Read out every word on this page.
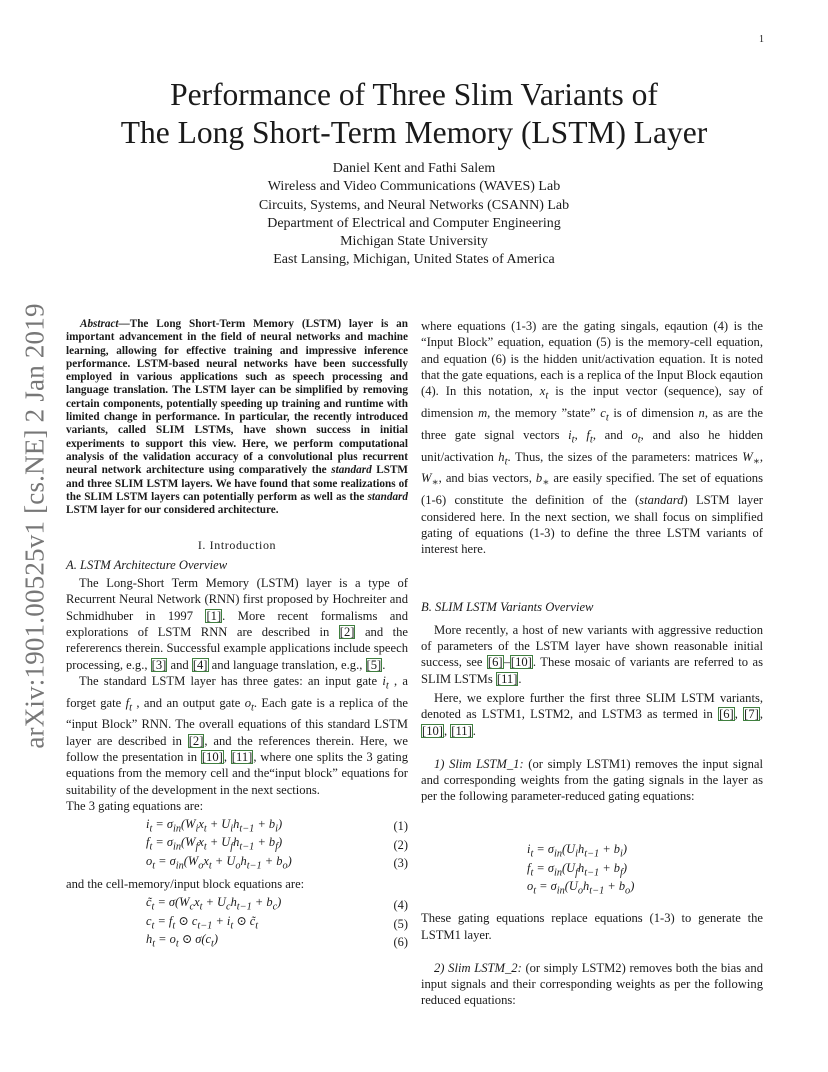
1
arXiv:1901.00525v1 [cs.NE] 2 Jan 2019
Performance of Three Slim Variants of
The Long Short-Term Memory (LSTM) Layer
Daniel Kent and Fathi Salem
Wireless and Video Communications (WAVES) Lab
Circuits, Systems, and Neural Networks (CSANN) Lab
Department of Electrical and Computer Engineering
Michigan State University
East Lansing, Michigan, United States of America

Abstract—The Long Short-Term Memory (LSTM) layer is an important advancement in the field of neural networks and machine learning, allowing for effective training and impressive inference performance. LSTM-based neural networks have been successfully employed in various applications such as speech processing and language translation. The LSTM layer can be simplified by removing certain components, potentially speeding up training and runtime with limited change in performance. In particular, the recently introduced variants, called SLIM LSTMs, have shown success in initial experiments to support this view. Here, we perform computational analysis of the validation accuracy of a convolutional plus recurrent neural network architecture using comparatively the standard LSTM and three SLIM LSTM layers. We have found that some realizations of the SLIM LSTM layers can potentially perform as well as the standard LSTM layer for our considered architecture.

I. Introduction

A. LSTM Architecture Overview

The Long-Short Term Memory (LSTM) layer is a type of Recurrent Neural Network (RNN) first proposed by Hochreiter and Schmidhuber in 1997 [1]. More recent formalisms and explorations of LSTM RNN are described in [2] and the refererencs therein. Successful example applications include speech processing, e.g., [3] and [4] and language translation, e.g., [5].

The standard LSTM layer has three gates: an input gate $i_t$ , a forget gate $f_t$ , and an output gate $o_t$. Each gate is a replica of the “input Block” RNN. The overall equations of this standard LSTM layer are described in [2], and the references therein. Here, we follow the presentation in [10], [11], where one splits the 3 gating equations from the memory cell and the“input block” equations for suitability of the development in the next sections.

The 3 gating equations are:

$i_t = \sigma_{in}(W_ix_t + U_ih_{t-1} + b_i)$	(1)
$f_t = \sigma_{in}(W_fx_t + U_fh_{t-1} + b_f)$	(2)
$o_t = \sigma_{in}(W_ox_t + U_oh_{t-1} + b_o)$	(3)

and the cell-memory/input block equations are:

$c̃_t = \sigma(W_cx_t + U_ch_{t-1} + b_c)$	(4)
$c_t = f_t$ ⊙ $c_{t-1} + i_t$ ⊙ $c̃_t$	(5)
$h_t = o_t$ ⊙ $\sigma(c_t)$	(6)

where equations (1-3) are the gating singals, eqaution (4) is the “Input Block” equation, equation (5) is the memory-cell equation, and equation (6) is the hidden unit/activation equation. It is noted that the gate equations, each is a replica of the Input Block eqaution (4). In this notation, $x_t$ is the input vector (sequence), say of dimension m, the memory ”state” $c_t$ is of dimension n, as are the three gate signal vectors $i_t$, $f_t$, and $o_t$, and also he hidden unit/activation $h_t$. Thus, the sizes of the parameters: matrices $W_∗$, $W_∗$, and bias vectors, $b_∗$ are easily specified. The set of equations (1-6) constitute the definition of the (standard) LSTM layer considered here. In the next section, we shall focus on simplified gating of equations (1-3) to define the three LSTM variants of interest here.

B. SLIM LSTM Variants Overview

More recently, a host of new variants with aggressive reduction of parameters of the LSTM layer have shown reasonable initial success, see [6]–[10]. These mosaic of variants are referred to as SLIM LSTMs [11].

Here, we explore further the first three SLIM LSTM variants, denoted as LSTM1, LSTM2, and LSTM3 as termed in [6], [7], [10], [11].

1) Slim LSTM_1: (or simply LSTM1) removes the input signal and corresponding weights from the gating signals in the layer as per the following parameter-reduced gating equations:

$i_t = \sigma_{in}(U_ih_{t-1} + b_i)$
$f_t = \sigma_{in}(U_fh_{t-1} + b_f)$
$o_t = \sigma_{in}(U_oh_{t-1} + b_o)$

These gating equations replace equations (1-3) to generate the LSTM1 layer.

2) Slim LSTM_2: (or simply LSTM2) removes both the bias and input signals and their corresponding weights as per the following reduced equations:
